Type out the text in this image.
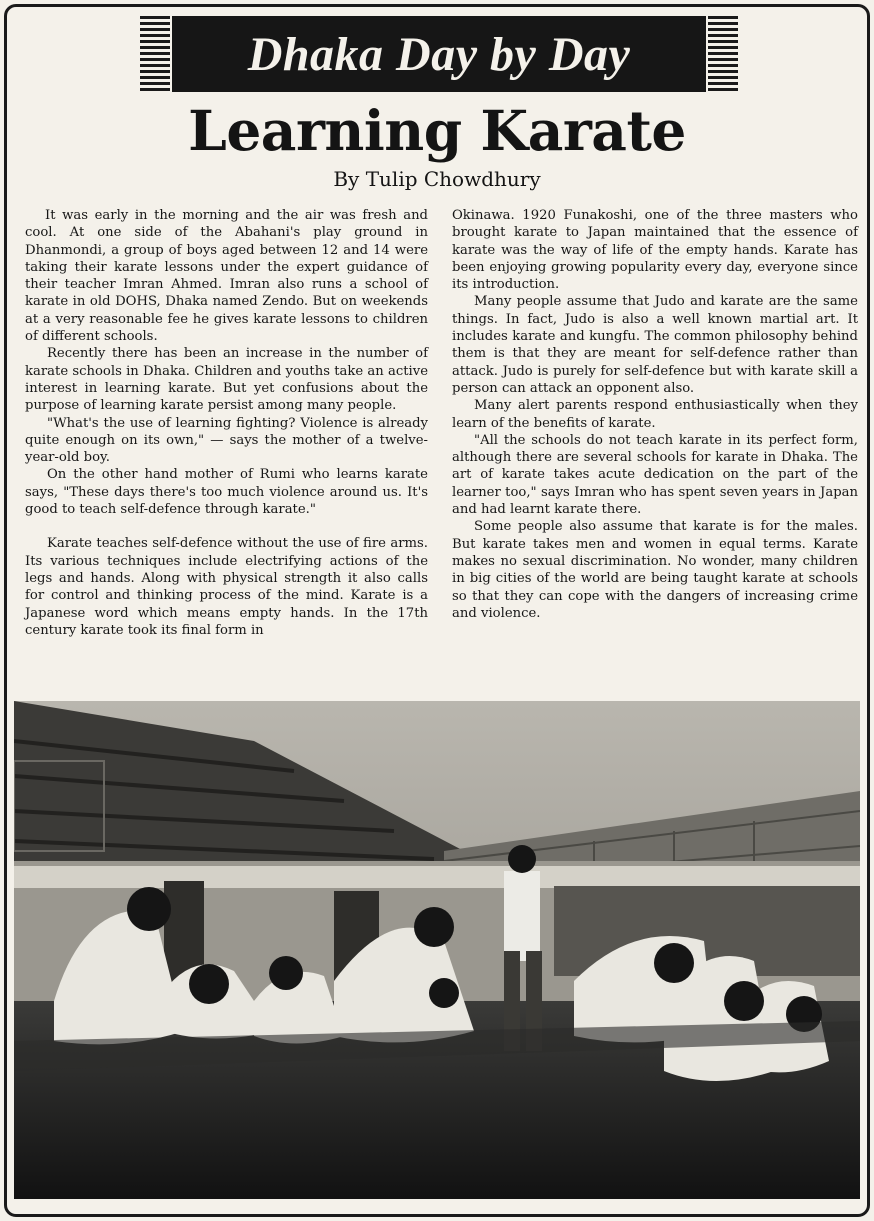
Dhaka Day by Day
Learning Karate
By Tulip Chowdhury

It was early in the morning and the air was fresh and cool. At one side of the Abahani's play ground in Dhanmondi, a group of boys aged between 12 and 14 were taking their karate lessons under the expert guidance of their teacher Imran Ahmed. Imran also runs a school of karate in old DOHS, Dhaka named Zendo. But on weekends at a very reasonable fee he gives karate lessons to children of different schools.

Recently there has been an increase in the number of karate schools in Dhaka. Children and youths take an active interest in learning karate. But yet confusions about the purpose of learning karate persist among many people.

"What's the use of learning fighting? Violence is already quite enough on its own," — says the mother of a twelve-year-old boy.

On the other hand mother of Rumi who learns karate says, "These days there's too much violence around us. It's good to teach self-defence through karate."

Karate teaches self-defence without the use of fire arms. Its various techniques include electrifying actions of the legs and hands. Along with physical strength it also calls for control and thinking process of the mind. Karate is a Japanese word which means empty hands. In the 17th century karate took its final form in

Okinawa. 1920 Funakoshi, one of the three masters who brought karate to Japan maintained that the essence of karate was the way of life of the empty hands. Karate has been enjoying growing popularity every day, everyone since its introduction.

Many people assume that Judo and karate are the same things. In fact, Judo is also a well known martial art. It includes karate and kungfu. The common philosophy behind them is that they are meant for self-defence rather than attack. Judo is purely for self-defence but with karate skill a person can attack an opponent also.

Many alert parents respond enthusiastically when they learn of the benefits of karate.

"All the schools do not teach karate in its perfect form, although there are several schools for karate in Dhaka. The art of karate takes acute dedication on the part of the learner too," says Imran who has spent seven years in Japan and had learnt karate there.

Some people also assume that karate is for the males. But karate takes men and women in equal terms. Karate makes no sexual discrimination. No wonder, many children in big cities of the world are being taught karate at schools so that they can cope with the dangers of increasing crime and violence.
